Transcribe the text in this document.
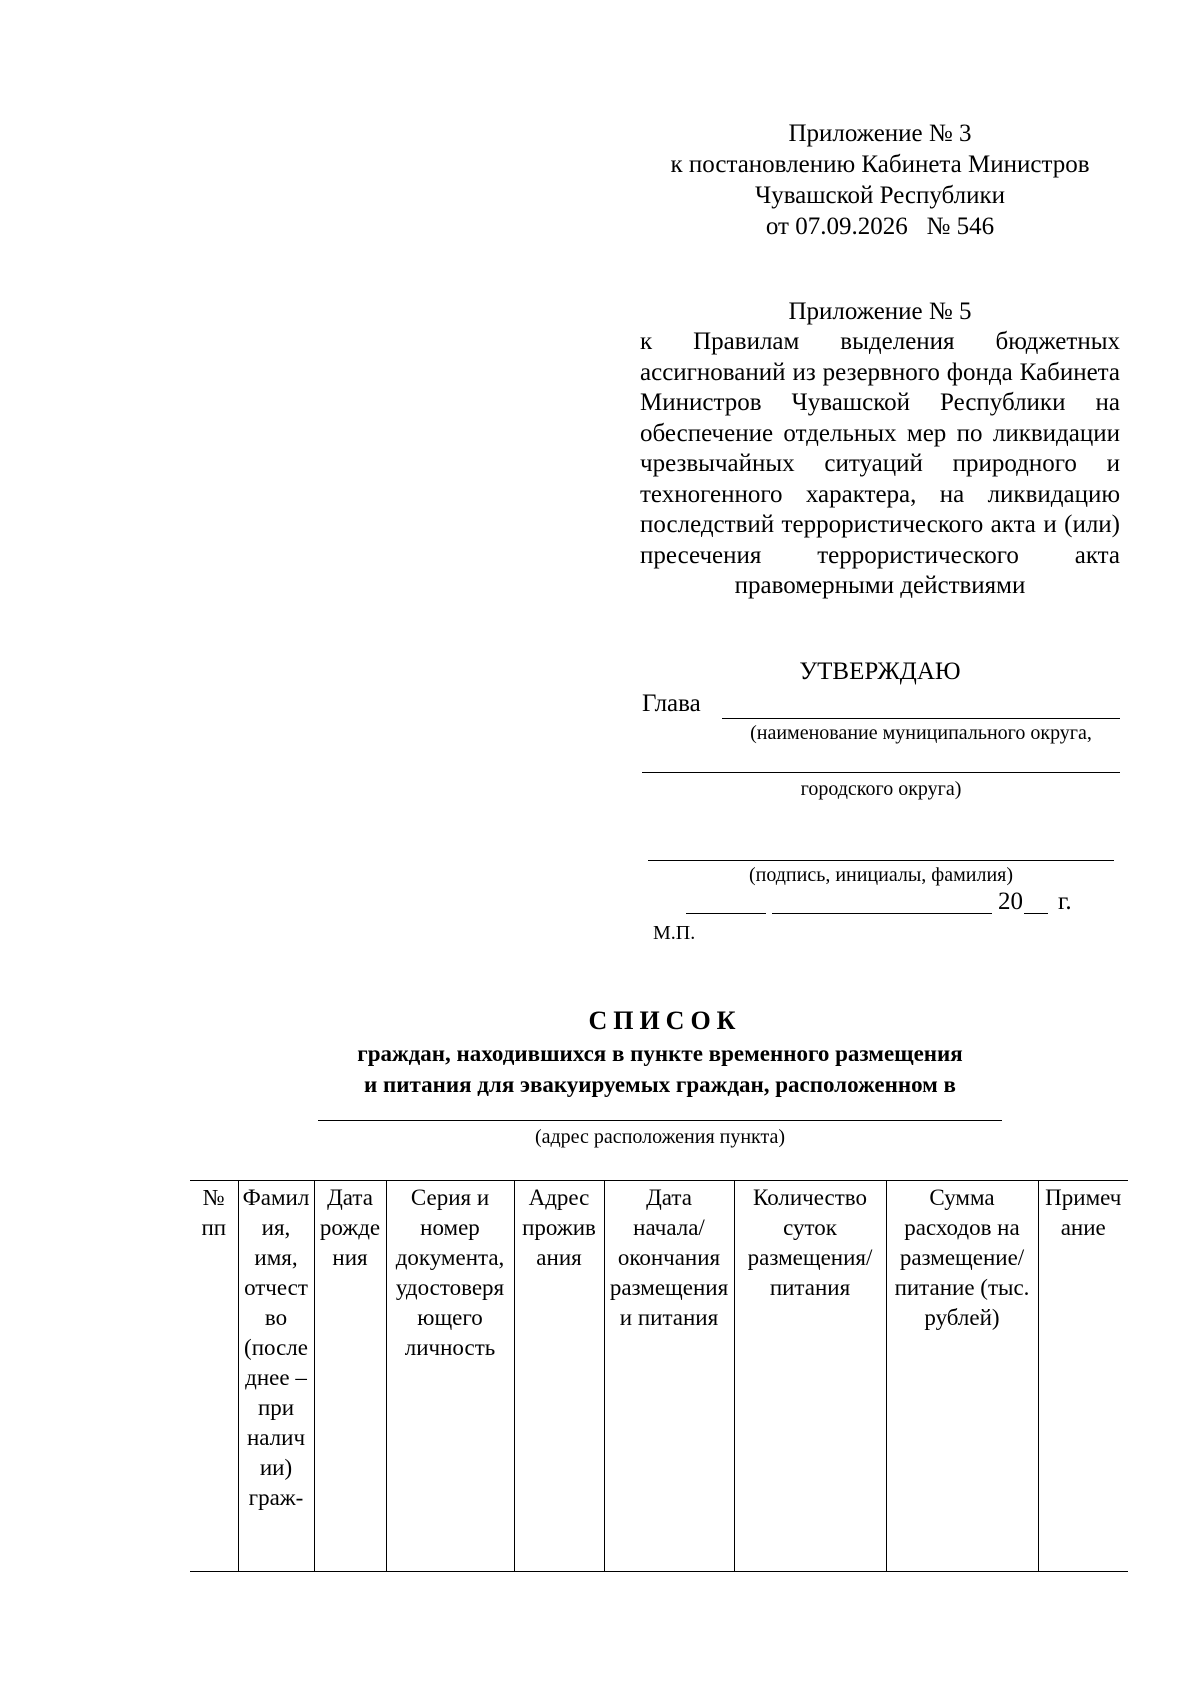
Приложение № 3
к постановлению Кабинета Министров
Чувашской Республики
от 07.09.2026   № 546
Приложение № 5
к Правилам выделения бюджетных ассигнований из резервного фонда Кабинета Министров Чувашской Республики на обеспечение отдельных мер по ликвидации чрезвычайных ситуаций природного и техногенного характера, на ликвидацию последствий террористического акта и (или) пресечения террористического акта правомерными действиями
УТВЕРЖДАЮ
Глава
(наименование муниципального округа,
городского округа)
(подпись, инициалы, фамилия)
20 г.
М.П.
СПИСОК
граждан, находившихся в пункте временного размещения
и питания для эвакуируемых граждан, расположенном в
(адрес расположения пункта)
№ пп	Фамилия, имя, отчество (последнее – при наличии) граж-	Дата рождения	Серия и номер документа, удостоверяющего личность	Адрес проживания	Дата начала/окончания размещения и питания	Количество суток размещения/ питания	Сумма расходов на размещение/ питание (тыс. рублей)	Примечание
